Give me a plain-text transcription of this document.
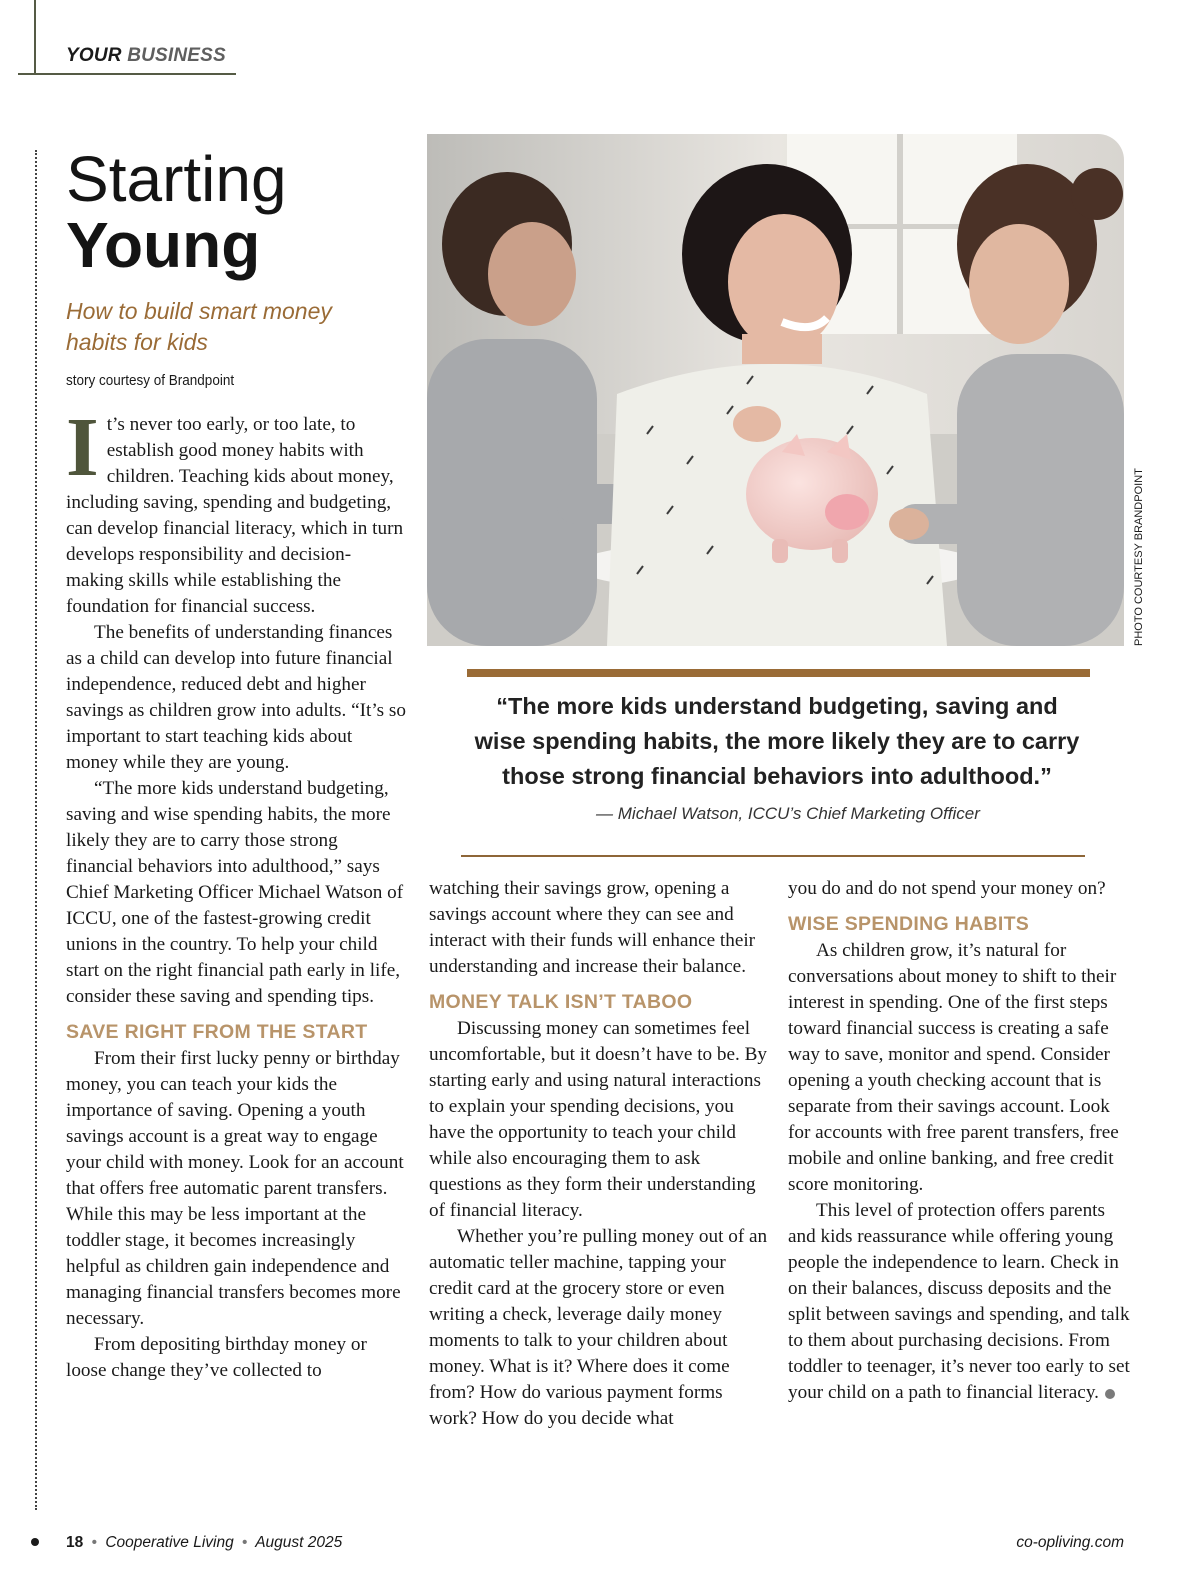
YOUR BUSINESS
Starting
Young
How to build smart money habits for kids
story courtesy of Brandpoint

It’s never too early, or too late, to establish good money habits with children. Teaching kids about money, including saving, spending and budgeting, can develop financial literacy, which in turn develops responsibility and decision-making skills while establishing the foundation for financial success.

The benefits of understanding finances as a child can develop into future financial independence, reduced debt and higher savings as children grow into adults. “It’s so important to start teaching kids about money while they are young.

“The more kids understand budgeting, saving and wise spending habits, the more likely they are to carry those strong financial behaviors into adulthood,” says Chief Marketing Officer Michael Watson of ICCU, one of the fastest-growing credit unions in the country. To help your child start on the right financial path early in life, consider these saving and spending tips.

SAVE RIGHT FROM THE START

From their first lucky penny or birthday money, you can teach your kids the importance of saving. Opening a youth savings account is a great way to engage your child with money. Look for an account that offers free automatic parent transfers. While this may be less important at the toddler stage, it becomes increasingly helpful as children gain independence and managing financial transfers becomes more necessary.

From depositing birthday money or loose change they’ve collected to

PHOTO COURTESY BRANDPOINT
“The more kids understand budgeting, saving and wise spending habits, the more likely they are to carry those strong financial behaviors into adulthood.”
— Michael Watson, ICCU’s Chief Marketing Officer

watching their savings grow, opening a savings account where they can see and interact with their funds will enhance their understanding and increase their balance.

MONEY TALK ISN’T TABOO

Discussing money can sometimes feel uncomfortable, but it doesn’t have to be. By starting early and using natural interactions to explain your spending decisions, you have the opportunity to teach your child while also encouraging them to ask questions as they form their understanding of financial literacy.

Whether you’re pulling money out of an automatic teller machine, tapping your credit card at the grocery store or even writing a check, leverage daily money moments to talk to your children about money. What is it? Where does it come from? How do various payment forms work? How do you decide what

you do and do not spend your money on?

WISE SPENDING HABITS

As children grow, it’s natural for conversations about money to shift to their interest in spending. One of the first steps toward financial success is creating a safe way to save, monitor and spend. Consider opening a youth checking account that is separate from their savings account. Look for accounts with free parent transfers, free mobile and online banking, and free credit score monitoring.

This level of protection offers parents and kids reassurance while offering young people the independence to learn. Check in on their balances, discuss deposits and the split between savings and spending, and talk to them about purchasing decisions. From toddler to teenager, it’s never too early to set your child on a path to financial literacy.

18 • Cooperative Living • August 2025	co-opliving.com
